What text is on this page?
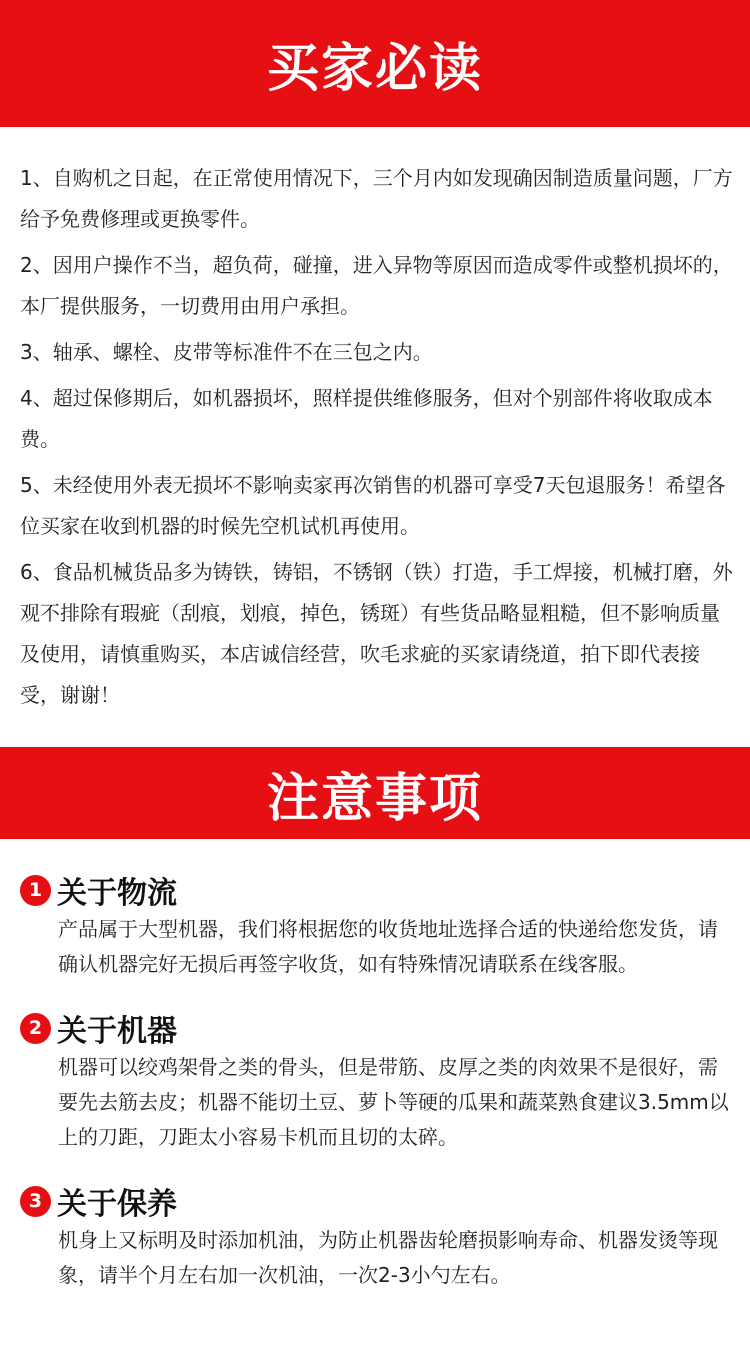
买家必读

1、自购机之日起，在正常使用情况下，三个月内如发现确因制造质量问题，厂方给予免费修理或更换零件。

2、因用户操作不当，超负荷，碰撞，进入异物等原因而造成零件或整机损坏的，本厂提供服务，一切费用由用户承担。

3、轴承、螺栓、皮带等标准件不在三包之内。

4、超过保修期后，如机器损坏，照样提供维修服务，但对个别部件将收取成本费。

5、未经使用外表无损坏不影响卖家再次销售的机器可享受7天包退服务！希望各位买家在收到机器的时候先空机试机再使用。

6、食品机械货品多为铸铁，铸铝，不锈钢（铁）打造，手工焊接，机械打磨，外观不排除有瑕疵（刮痕，划痕，掉色，锈斑）有些货品略显粗糙，但不影响质量及使用，请慎重购买，本店诚信经营，吹毛求疵的买家请绕道，拍下即代表接受，谢谢！

注意事项
1 关于物流

产品属于大型机器，我们将根据您的收货地址选择合适的快递给您发货，请确认机器完好无损后再签字收货，如有特殊情况请联系在线客服。

2 关于机器

机器可以绞鸡架骨之类的骨头，但是带筋、皮厚之类的肉效果不是很好，需要先去筋去皮；机器不能切土豆、萝卜等硬的瓜果和蔬菜熟食建议3.5mm以上的刀距，刀距太小容易卡机而且切的太碎。

3 关于保养

机身上又标明及时添加机油，为防止机器齿轮磨损影响寿命、机器发烫等现象，请半个月左右加一次机油，一次2-3小勺左右。
